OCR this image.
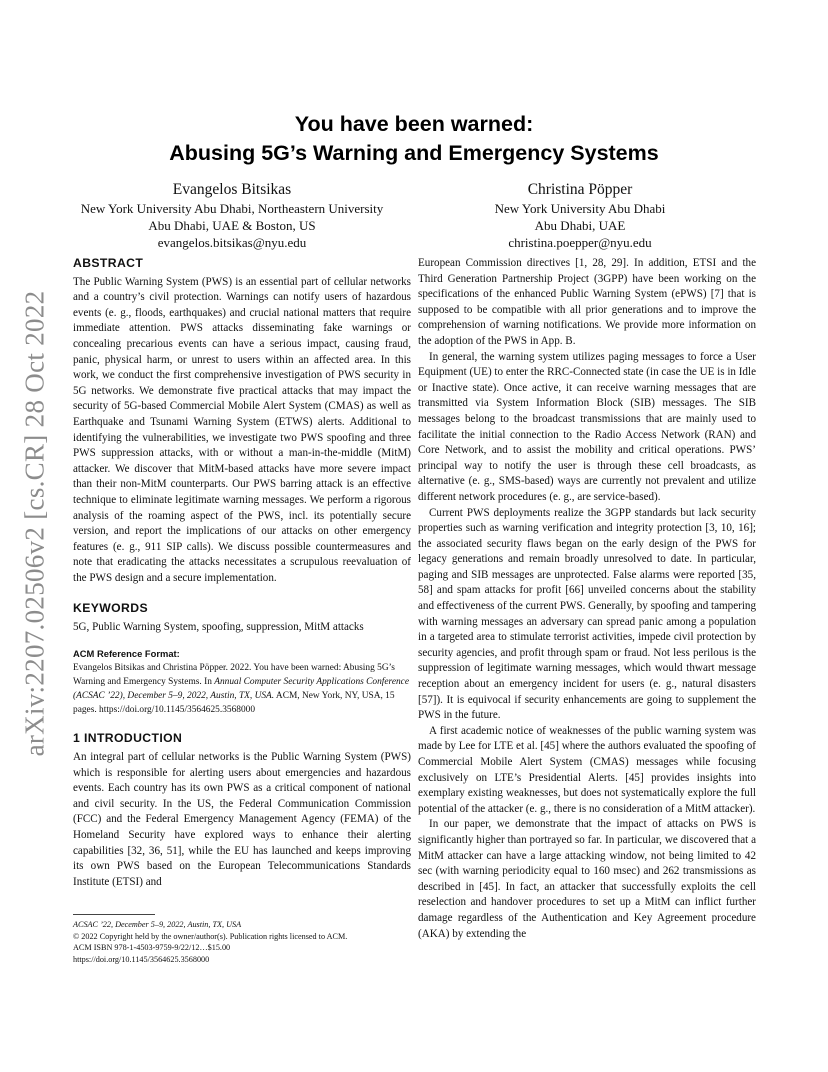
arXiv:2207.02506v2 [cs.CR] 28 Oct 2022
You have been warned:
Abusing 5G’s Warning and Emergency Systems
Evangelos Bitsikas
New York University Abu Dhabi, Northeastern University
Abu Dhabi, UAE & Boston, US
evangelos.bitsikas@nyu.edu
Christina Pöpper
New York University Abu Dhabi
Abu Dhabi, UAE
christina.poepper@nyu.edu
ABSTRACT

The Public Warning System (PWS) is an essential part of cellular networks and a country’s civil protection. Warnings can notify users of hazardous events (e. g., floods, earthquakes) and crucial national matters that require immediate attention. PWS attacks disseminating fake warnings or concealing precarious events can have a serious impact, causing fraud, panic, physical harm, or unrest to users within an affected area. In this work, we conduct the first comprehensive investigation of PWS security in 5G networks. We demonstrate five practical attacks that may impact the security of 5G-based Commercial Mobile Alert System (CMAS) as well as Earthquake and Tsunami Warning System (ETWS) alerts. Additional to identifying the vulnerabilities, we investigate two PWS spoofing and three PWS suppression attacks, with or without a man-in-the-middle (MitM) attacker. We discover that MitM-based attacks have more severe impact than their non-MitM counterparts. Our PWS barring attack is an effective technique to eliminate legitimate warning messages. We perform a rigorous analysis of the roaming aspect of the PWS, incl. its potentially secure version, and report the implications of our attacks on other emergency features (e. g., 911 SIP calls). We discuss possible countermeasures and note that eradicating the attacks necessitates a scrupulous reevaluation of the PWS design and a secure implementation.

KEYWORDS

5G, Public Warning System, spoofing, suppression, MitM attacks

ACM Reference Format:

Evangelos Bitsikas and Christina Pöpper. 2022. You have been warned: Abusing 5G’s Warning and Emergency Systems. In Annual Computer Security Applications Conference (ACSAC ’22), December 5–9, 2022, Austin, TX, USA. ACM, New York, NY, USA, 15 pages. https://doi.org/10.1145/3564625.3568000

1 INTRODUCTION

An integral part of cellular networks is the Public Warning System (PWS) which is responsible for alerting users about emergencies and hazardous events. Each country has its own PWS as a critical component of national and civil security. In the US, the Federal Communication Commission (FCC) and the Federal Emergency Management Agency (FEMA) of the Homeland Security have explored ways to enhance their alerting capabilities [32, 36, 51], while the EU has launched and keeps improving its own PWS based on the European Telecommunications Standards Institute (ETSI) and

European Commission directives [1, 28, 29]. In addition, ETSI and the Third Generation Partnership Project (3GPP) have been working on the specifications of the enhanced Public Warning System (ePWS) [7] that is supposed to be compatible with all prior generations and to improve the comprehension of warning notifications. We provide more information on the adoption of the PWS in App. B.

In general, the warning system utilizes paging messages to force a User Equipment (UE) to enter the RRC-Connected state (in case the UE is in Idle or Inactive state). Once active, it can receive warning messages that are transmitted via System Information Block (SIB) messages. The SIB messages belong to the broadcast transmissions that are mainly used to facilitate the initial connection to the Radio Access Network (RAN) and Core Network, and to assist the mobility and critical operations. PWS’ principal way to notify the user is through these cell broadcasts, as alternative (e. g., SMS-based) ways are currently not prevalent and utilize different network procedures (e. g., are service-based).

Current PWS deployments realize the 3GPP standards but lack security properties such as warning verification and integrity protection [3, 10, 16]; the associated security flaws began on the early design of the PWS for legacy generations and remain broadly unresolved to date. In particular, paging and SIB messages are unprotected. False alarms were reported [35, 58] and spam attacks for profit [66] unveiled concerns about the stability and effectiveness of the current PWS. Generally, by spoofing and tampering with warning messages an adversary can spread panic among a population in a targeted area to stimulate terrorist activities, impede civil protection by security agencies, and profit through spam or fraud. Not less perilous is the suppression of legitimate warning messages, which would thwart message reception about an emergency incident for users (e. g., natural disasters [57]). It is equivocal if security enhancements are going to supplement the PWS in the future.

A first academic notice of weaknesses of the public warning system was made by Lee for LTE et al. [45] where the authors evaluated the spoofing of Commercial Mobile Alert System (CMAS) messages while focusing exclusively on LTE’s Presidential Alerts. [45] provides insights into exemplary existing weaknesses, but does not systematically explore the full potential of the attacker (e. g., there is no consideration of a MitM attacker).

In our paper, we demonstrate that the impact of attacks on PWS is significantly higher than portrayed so far. In particular, we discovered that a MitM attacker can have a large attacking window, not being limited to 42 sec (with warning periodicity equal to 160 msec) and 262 transmissions as described in [45]. In fact, an attacker that successfully exploits the cell reselection and handover procedures to set up a MitM can inflict further damage regardless of the Authentication and Key Agreement procedure (AKA) by extending the

ACSAC ’22, December 5–9, 2022, Austin, TX, USA
© 2022 Copyright held by the owner/author(s). Publication rights licensed to ACM.
ACM ISBN 978-1-4503-9759-9/22/12…$15.00
https://doi.org/10.1145/3564625.3568000
